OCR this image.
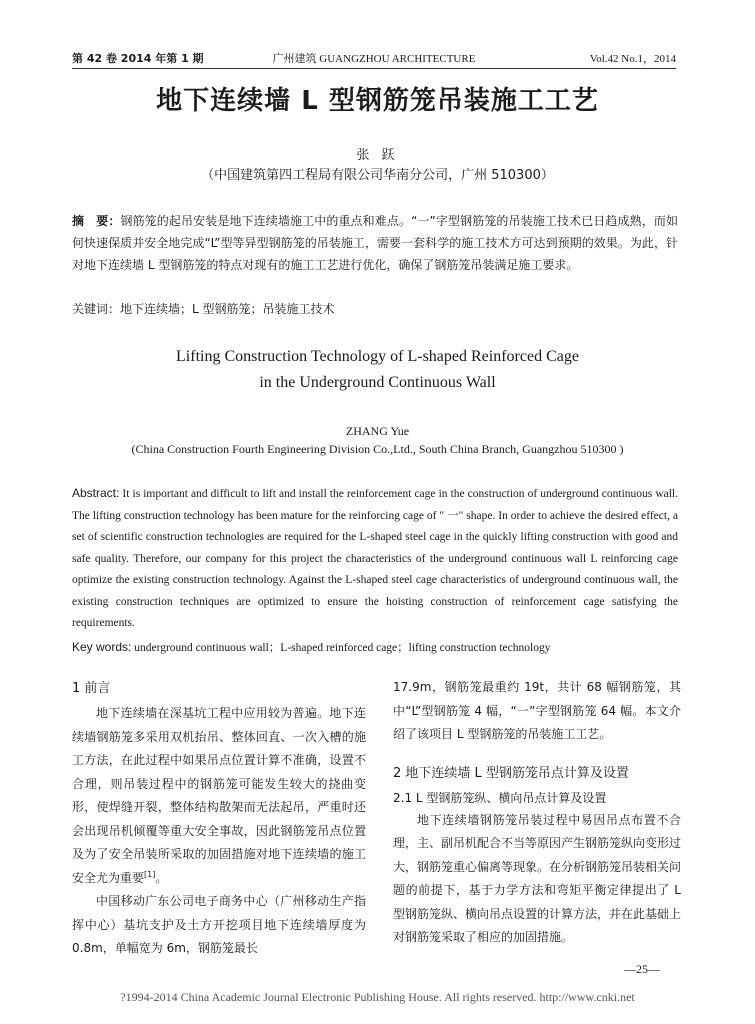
第 42 卷 2014 年第 1 期	广州建筑 GUANGZHOU ARCHITECTURE	Vol.42 No.1，2014
地下连续墙 L 型钢筋笼吊装施工工艺
张 跃
（中国建筑第四工程局有限公司华南分公司，广州 510300）
摘　要：钢筋笼的起吊安装是地下连续墙施工中的重点和难点。“一”字型钢筋笼的吊装施工技术已日趋成熟，而如何快速保质并安全地完成“L”型等异型钢筋笼的吊装施工，需要一套科学的施工技术方可达到预期的效果。为此，针对地下连续墙 L 型钢筋笼的特点对现有的施工工艺进行优化，确保了钢筋笼吊装满足施工要求。
关键词：地下连续墙；L 型钢筋笼；吊装施工技术
Lifting Construction Technology of L-shaped Reinforced Cage
in the Underground Continuous Wall
ZHANG Yue
(China Construction Fourth Engineering Division Co.,Ltd., South China Branch, Guangzhou 510300 )
Abstract: It is important and difficult to lift and install the reinforcement cage in the construction of underground continuous wall. The lifting construction technology has been mature for the reinforcing cage of " 一" shape. In order to achieve the desired effect, a set of scientific construction technologies are required for the L-shaped steel cage in the quickly lifting construction with good and safe quality. Therefore, our company for this project the characteristics of the underground continuous wall L reinforcing cage optimize the existing construction technology. Against the L-shaped steel cage characteristics of underground continuous wall, the existing construction techniques are optimized to ensure the hoisting construction of reinforcement cage satisfying the requirements.
Key words: underground continuous wall；L-shaped reinforced cage；lifting construction technology
1 前言

地下连续墙在深基坑工程中应用较为普遍。地下连续墙钢筋笼多采用双机抬吊、整体回直、一次入槽的施工方法，在此过程中如果吊点位置计算不准确，设置不合理，则吊装过程中的钢筋笼可能发生较大的挠曲变形，使焊缝开裂，整体结构散架而无法起吊，严重时还会出现吊机倾覆等重大安全事故，因此钢筋笼吊点位置及为了安全吊装所采取的加固措施对地下连续墙的施工安全尤为重要[1]。

中国移动广东公司电子商务中心（广州移动生产指挥中心）基坑支护及土方开挖项目地下连续墙厚度为 0.8m，单幅宽为 6m，钢筋笼最长

17.9m，钢筋笼最重约 19t，共计 68 幅钢筋笼，其中“L”型钢筋笼 4 幅，“一”字型钢筋笼 64 幅。本文介绍了该项目 L 型钢筋笼的吊装施工工艺。

2 地下连续墙 L 型钢筋笼吊点计算及设置
2.1 L 型钢筋笼纵、横向吊点计算及设置

地下连续墙钢筋笼吊装过程中易因吊点布置不合理，主、副吊机配合不当等原因产生钢筋笼纵向变形过大，钢筋笼重心偏离等现象。在分析钢筋笼吊装相关问题的前提下，基于力学方法和弯矩平衡定律提出了 L 型钢筋笼纵、横向吊点设置的计算方法，并在此基础上对钢筋笼采取了相应的加固措施。

—25—
?1994-2014 China Academic Journal Electronic Publishing House. All rights reserved. http://www.cnki.net
